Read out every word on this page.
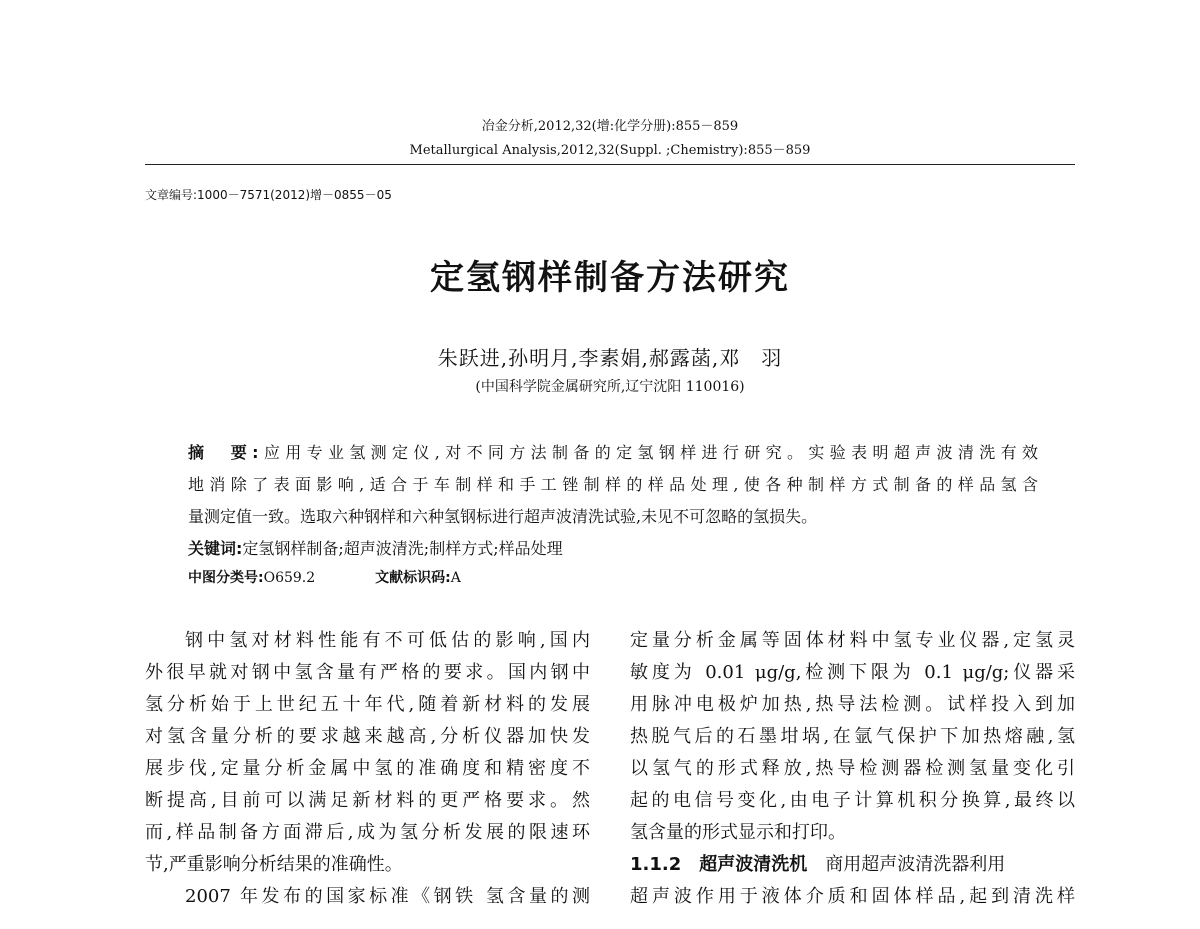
冶金分析,2012,32(增:化学分册):855－859
Metallurgical Analysis,2012,32(Suppl. ;Chemistry):855－859
文章编号:1000－7571(2012)增－0855－05
定氢钢样制备方法研究
朱跃进,孙明月,李素娟,郝露菡,邓　羽
(中国科学院金属研究所,辽宁沈阳 110016)
摘　要:应用专业氢测定仪,对不同方法制备的定氢钢样进行研究。实验表明超声波清洗有效
地消除了表面影响,适合于车制样和手工锉制样的样品处理,使各种制样方式制备的样品氢含
量测定值一致。选取六种钢样和六种氢钢标进行超声波清洗试验,未见不可忽略的氢损失。
关键词:定氢钢样制备;超声波清洗;制样方式;样品处理
中图分类号:O659.2	文献标识码:A
钢中氢对材料性能有不可低估的影响,国内
外很早就对钢中氢含量有严格的要求。国内钢中
氢分析始于上世纪五十年代,随着新材料的发展
对氢含量分析的要求越来越高,分析仪器加快发
展步伐,定量分析金属中氢的准确度和精密度不
断提高,目前可以满足新材料的更严格要求。然
而,样品制备方面滞后,成为氢分析发展的限速环
节,严重影响分析结果的准确性。
2007 年发布的国家标准《钢铁 氢含量的测
定量分析金属等固体材料中氢专业仪器,定氢灵
敏度为 0.01 μg/g,检测下限为 0.1 μg/g;仪器采
用脉冲电极炉加热,热导法检测。试样投入到加
热脱气后的石墨坩埚,在氩气保护下加热熔融,氢
以氢气的形式释放,热导检测器检测氢量变化引
起的电信号变化,由电子计算机积分换算,最终以
氢含量的形式显示和打印。
1.1.2 超声波清洗机 商用超声波清洗器利用
超声波作用于液体介质和固体样品,起到清洗样
